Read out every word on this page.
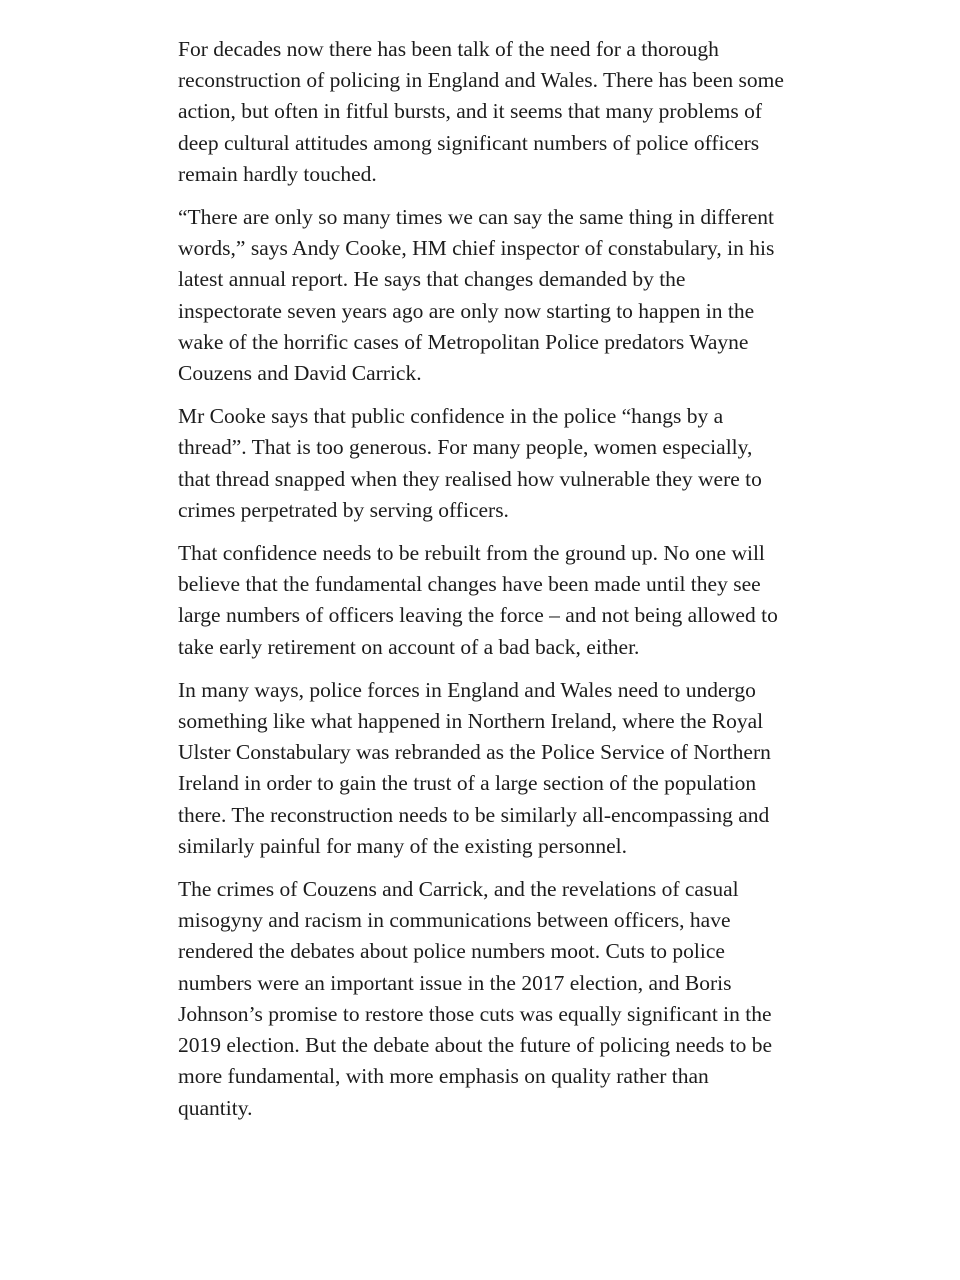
For decades now there has been talk of the need for a thorough reconstruction of policing in England and Wales. There has been some action, but often in fitful bursts, and it seems that many problems of deep cultural attitudes among significant numbers of police officers remain hardly touched.

“There are only so many times we can say the same thing in different words,” says Andy Cooke, HM chief inspector of constabulary, in his latest annual report. He says that changes demanded by the inspectorate seven years ago are only now starting to happen in the wake of the horrific cases of Metropolitan Police predators Wayne Couzens and David Carrick.

Mr Cooke says that public confidence in the police “hangs by a thread”. That is too generous. For many people, women especially, that thread snapped when they realised how vulnerable they were to crimes perpetrated by serving officers.

That confidence needs to be rebuilt from the ground up. No one will believe that the fundamental changes have been made until they see large numbers of officers leaving the force – and not being allowed to take early retirement on account of a bad back, either.

In many ways, police forces in England and Wales need to undergo something like what happened in Northern Ireland, where the Royal Ulster Constabulary was rebranded as the Police Service of Northern Ireland in order to gain the trust of a large section of the population there. The reconstruction needs to be similarly all-encompassing and similarly painful for many of the existing personnel.

The crimes of Couzens and Carrick, and the revelations of casual misogyny and racism in communications between officers, have rendered the debates about police numbers moot. Cuts to police numbers were an important issue in the 2017 election, and Boris Johnson’s promise to restore those cuts was equally significant in the 2019 election. But the debate about the future of policing needs to be more fundamental, with more emphasis on quality rather than quantity.
